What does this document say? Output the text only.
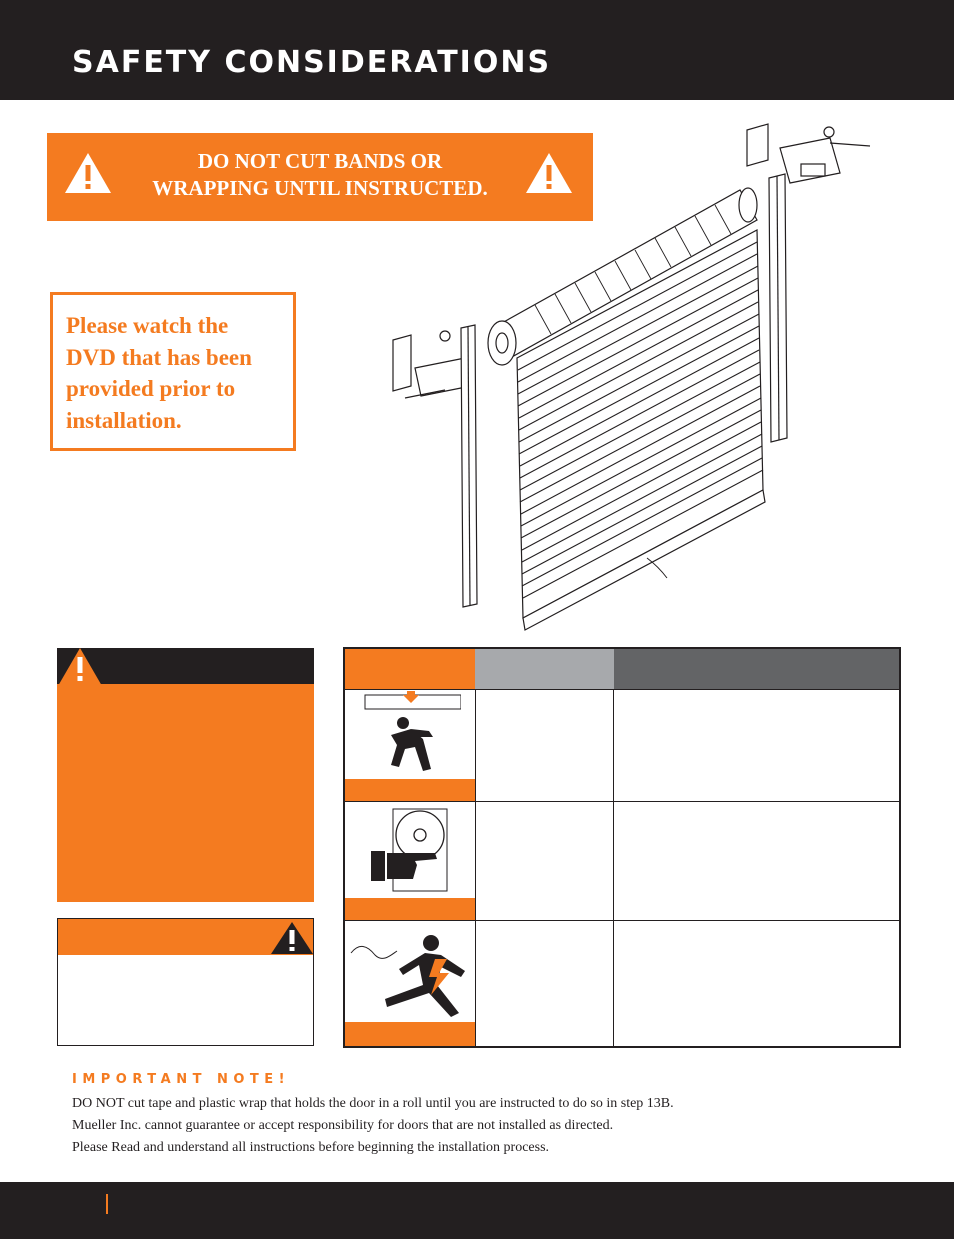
SAFETY CONSIDERATIONS
DO NOT CUT BANDS OR
WRAPPING UNTIL INSTRUCTED.
Please watch the
DVD that has been
provided prior to
installation.
IMPORTANT NOTE!
DO NOT cut tape and plastic wrap that holds the door in a roll until you are instructed to do so in step 13B.
Mueller Inc. cannot guarantee or accept responsibility for doors that are not installed as directed.
Please Read and understand all instructions before beginning the installation process.
